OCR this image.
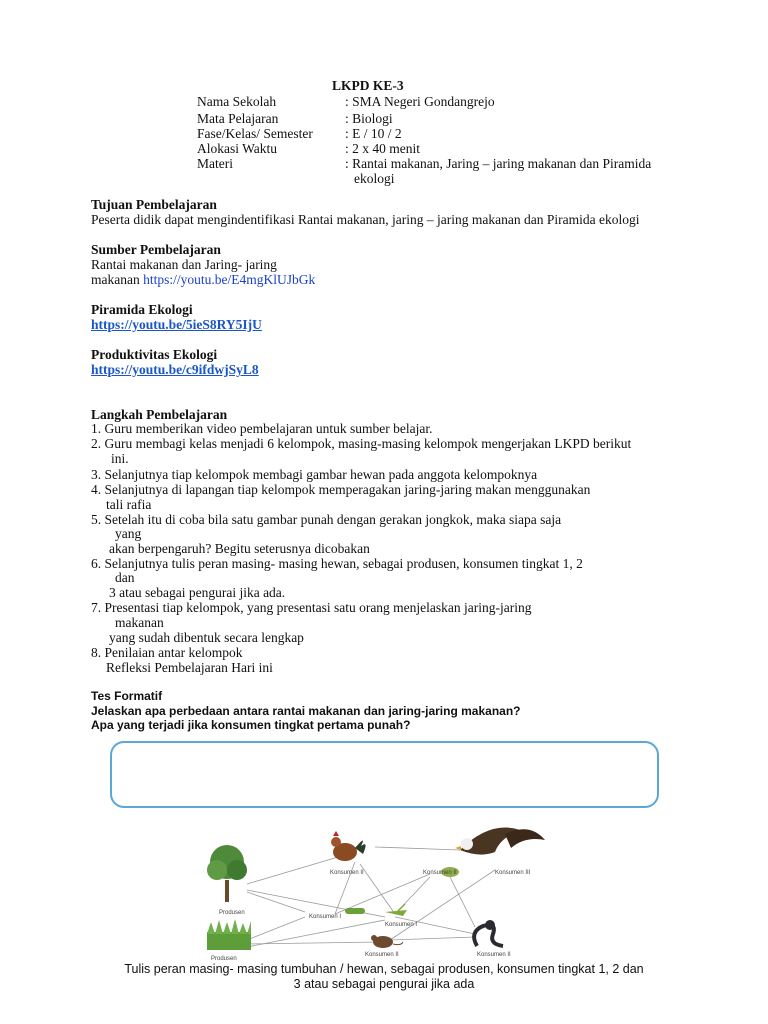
LKPD KE-3
Nama Sekolah	: SMA Negeri Gondangrejo
Mata Pelajaran	: Biologi
Fase/Kelas/ Semester : E / 10 / 2
Alokasi Waktu	: 2 x 40 menit
Materi	: Rantai makanan, Jaring – jaring makanan dan Piramida
ekologi
Tujuan Pembelajaran
Peserta didik dapat mengindentifikasi Rantai makanan, jaring – jaring makanan dan Piramida ekologi
Sumber Pembelajaran
Rantai makanan dan Jaring- jaring
makanan https://youtu.be/E4mgKlUJbGk
Piramida Ekologi
https://youtu.be/5ieS8RY5IjU
Produktivitas Ekologi
https://youtu.be/c9ifdwjSyL8
Langkah Pembelajaran
1. Guru memberikan video pembelajaran untuk sumber belajar.
2. Guru membagi kelas menjadi 6 kelompok, masing-masing kelompok mengerjakan LKPD berikut
ini.
3. Selanjutnya tiap kelompok membagi gambar hewan pada anggota kelompoknya
4. Selanjutnya di lapangan tiap kelompok memperagakan jaring-jaring makan menggunakan
tali rafia
5. Setelah itu di coba bila satu gambar punah dengan gerakan jongkok, maka siapa saja
yang
akan berpengaruh? Begitu seterusnya dicobakan
6. Selanjutnya tulis peran masing- masing hewan, sebagai produsen, konsumen tingkat 1, 2
dan
3 atau sebagai pengurai jika ada.
7. Presentasi tiap kelompok, yang presentasi satu orang menjelaskan jaring-jaring
makanan
yang sudah dibentuk secara lengkap
8. Penilaian antar kelompok
Refleksi Pembelajaran Hari ini
Tes Formatif
Jelaskan apa perbedaan antara rantai makanan dan jaring-jaring makanan?
Apa yang terjadi jika konsumen tingkat pertama punah?
Produsen
Produsen
Konsumen II	Konsumen III
Konsumen II
Konsumen I
Konsumen I
Konsumen II	Konsumen II
Tulis peran masing- masing tumbuhan / hewan, sebagai produsen, konsumen tingkat 1, 2 dan
3 atau sebagai pengurai jika ada
